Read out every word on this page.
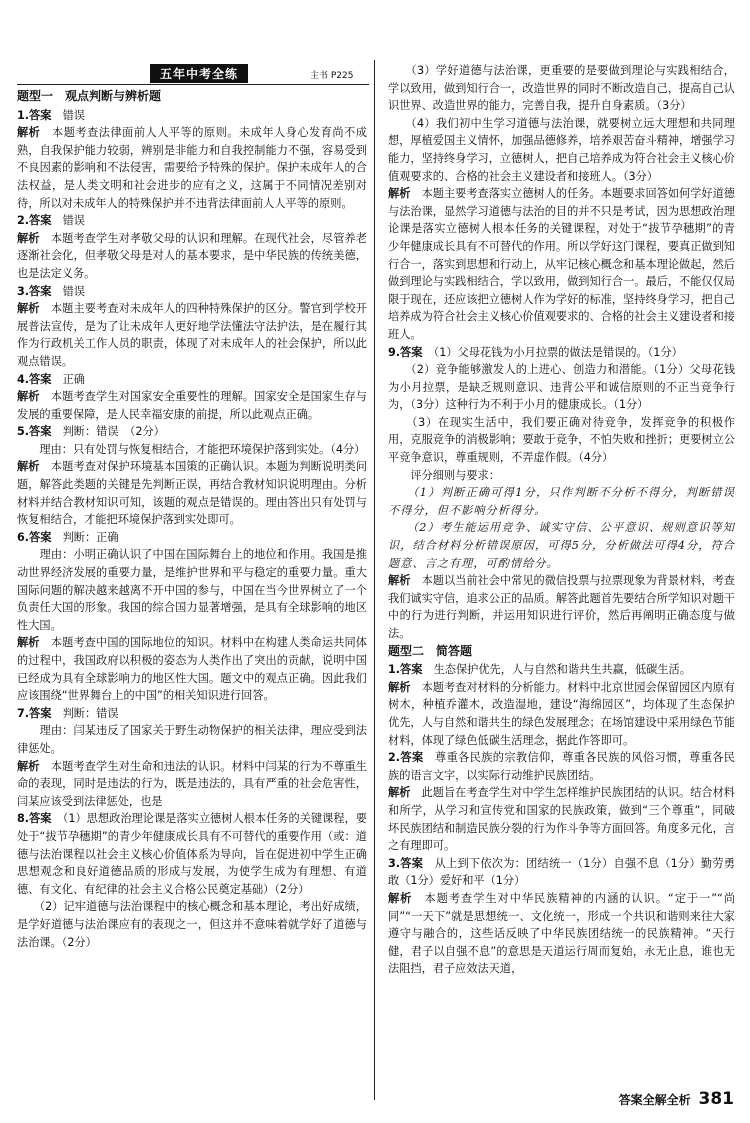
五年中考全练	主书 P225

题型一　观点判断与辨析题

1.答案　错误

解析　本题考查法律面前人人平等的原则。未成年人身心发育尚不成熟，自我保护能力较弱，辨别是非能力和自我控制能力不强，容易受到不良因素的影响和不法侵害，需要给予特殊的保护。保护未成年人的合法权益，是人类文明和社会进步的应有之义，这属于不同情况差别对待，所以对未成年人的特殊保护并不违背法律面前人人平等的原则。

2.答案　错误

解析　本题考查学生对孝敬父母的认识和理解。在现代社会，尽管养老逐渐社会化，但孝敬父母是对人的基本要求，是中华民族的传统美德，也是法定义务。

3.答案　错误

解析　本题主要考查对未成年人的四种特殊保护的区分。警官到学校开展普法宣传，是为了让未成年人更好地学法懂法守法护法，是在履行其作为行政机关工作人员的职责，体现了对未成年人的社会保护，所以此观点错误。

4.答案　正确

解析　本题考查学生对国家安全重要性的理解。国家安全是国家生存与发展的重要保障，是人民幸福安康的前提，所以此观点正确。

5.答案　判断：错误　（2分）

　　理由：只有处罚与恢复相结合，才能把环境保护落到实处。（4分）

解析　本题考查对保护环境基本国策的正确认识。本题为判断说明类问题，解答此类题的关键是先判断正误，再结合教材知识说明理由。分析材料并结合教材知识可知，该题的观点是错误的。理由答出只有处罚与恢复相结合，才能把环境保护落到实处即可。

6.答案　判断：正确

　　理由：小明正确认识了中国在国际舞台上的地位和作用。我国是推动世界经济发展的重要力量，是维护世界和平与稳定的重要力量。重大国际问题的解决越来越离不开中国的参与，中国在当今世界树立了一个负责任大国的形象。我国的综合国力显著增强，是具有全球影响的地区性大国。

解析　本题考查中国的国际地位的知识。材料中在构建人类命运共同体的过程中，我国政府以积极的姿态为人类作出了突出的贡献，说明中国已经成为具有全球影响力的地区性大国。题文中的观点正确。因此我们应该围绕“世界舞台上的中国”的相关知识进行回答。

7.答案　判断：错误

　　理由：闫某违反了国家关于野生动物保护的相关法律，理应受到法律惩处。

解析　本题考查学生对生命和违法的认识。材料中闫某的行为不尊重生命的表现，同时是违法的行为，既是违法的，具有严重的社会危害性，闫某应该受到法律惩处，也是

8.答案　（1）思想政治理论课是落实立德树人根本任务的关键课程，要处于“拔节孕穗期”的青少年健康成长具有不可替代的重要作用（或：道德与法治课程以社会主义核心价值体系为导向，旨在促进初中学生正确思想观念和良好道德品质的形成与发展，为使学生成为有理想、有道德、有文化、有纪律的社会主义合格公民奠定基础）（2分）

　　（2）记牢道德与法治课程中的核心概念和基本理论，考出好成绩，是学好道德与法治课应有的表现之一，但这并不意味着就学好了道德与法治课。（2分）

　　（3）学好道德与法治课，更重要的是要做到理论与实践相结合，学以致用，做到知行合一，改造世界的同时不断改造自己，提高自己认识世界、改造世界的能力，完善自我，提升自身素质。（3分）

　　（4）我们初中生学习道德与法治课，就要树立远大理想和共同理想，厚植爱国主义情怀，加强品德修养，培养艰苦奋斗精神，增强学习能力，坚持终身学习，立德树人，把自己培养成为符合社会主义核心价值观要求的、合格的社会主义建设者和接班人。（3分）

解析　本题主要考查落实立德树人的任务。本题要求回答如何学好道德与法治课，显然学习道德与法治的目的并不只是考试，因为思想政治理论课是落实立德树人根本任务的关键课程，对处于“拔节孕穗期”的青少年健康成长具有不可替代的作用。所以学好这门课程，要真正做到知行合一，落实到思想和行动上，从牢记核心概念和基本理论做起，然后做到理论与实践相结合，学以致用，做到知行合一。最后，不能仅仅局限于现在，还应该把立德树人作为学好的标准，坚持终身学习，把自己培养成为符合社会主义核心价值观要求的、合格的社会主义建设者和接班人。

9.答案　（1）父母花钱为小月拉票的做法是错误的。（1分）

　　（2）竞争能够激发人的上进心、创造力和潜能。（1分）父母花钱为小月拉票，是缺乏规则意识、违背公平和诚信原则的不正当竞争行为，（3分）这种行为不利于小月的健康成长。（1分）

　　（3）在现实生活中，我们要正确对待竞争，发挥竞争的积极作用，克服竞争的消极影响；要敢于竞争，不怕失败和挫折；更要树立公平竞争意识，尊重规则，不弄虚作假。（4分）

　　评分细则与要求：

　　（1）判断正确可得1分，只作判断不分析不得分，判断错误不得分，但不影响分析得分。

　　（2）考生能运用竞争、诚实守信、公平意识、规则意识等知识，结合材料分析错误原因，可得5分，分析做法可得4分，符合题意、言之有理，可酌情给分。

解析　本题以当前社会中常见的微信投票与拉票现象为背景材料，考查我们诚实守信，追求公正的品质。解答此题首先要结合所学知识对题干中的行为进行判断，并运用知识进行评价，然后再阐明正确态度与做法。

题型二　简答题

1.答案　生态保护优先，人与自然和谐共生共赢，低碳生活。

解析　本题考查对材料的分析能力。材料中北京世园会保留园区内原有树木，种植乔灌木，改造湿地，建设“海绵园区”，均体现了生态保护优先，人与自然和谐共生的绿色发展理念；在场馆建设中采用绿色节能材料，体现了绿色低碳生活理念，据此作答即可。

2.答案　尊重各民族的宗教信仰，尊重各民族的风俗习惯，尊重各民族的语言文字，以实际行动维护民族团结。

解析　此题旨在考查学生对中学生怎样维护民族团结的认识。结合材料和所学，从学习和宣传党和国家的民族政策，做到“三个尊重”，同破坏民族团结和制造民族分裂的行为作斗争等方面回答。角度多元化，言之有理即可。

3.答案　从上到下依次为：团结统一（1分）自强不息（1分）勤劳勇敢（1分）爱好和平（1分）

解析　本题考查学生对中华民族精神的内涵的认识。“定于一”“尚同”“一天下”就是思想统一、文化统一，形成一个共识和谐则来往大家遵守与融合的，这些话反映了中华民族团结统一的民族精神。“天行健，君子以自强不息”的意思是天道运行周而复始，永无止息，谁也无法阻挡，君子应效法天道，

答案全解全析 381
